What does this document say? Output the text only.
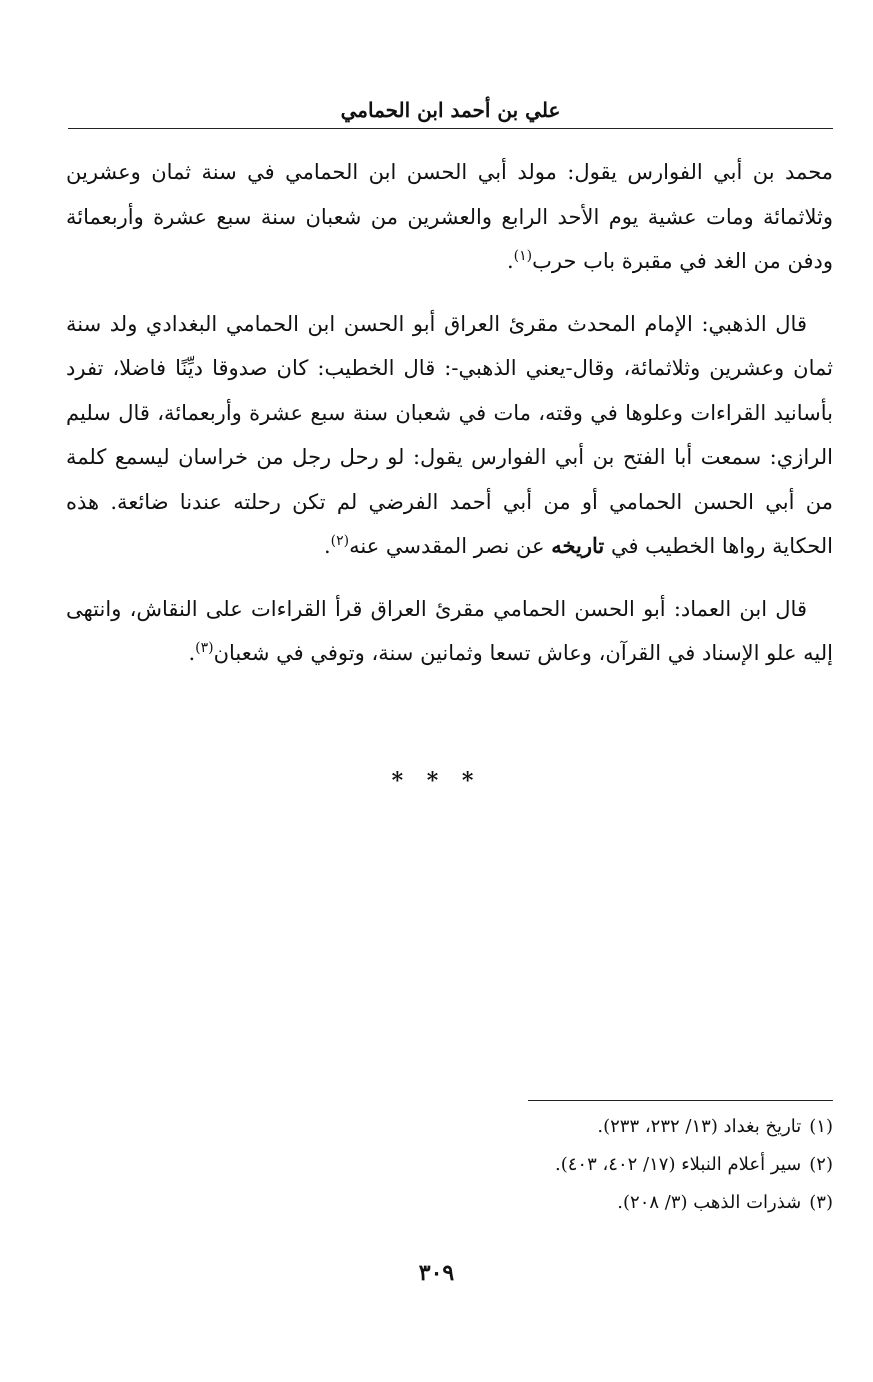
علي بن أحمد ابن الحمامي

محمد بن أبي الفوارس يقول: مولد أبي الحسن ابن الحمامي في سنة ثمان وعشرين وثلاثمائة ومات عشية يوم الأحد الرابع والعشرين من شعبان سنة سبع عشرة وأربعمائة ودفن من الغد في مقبرة باب حرب$^{(١)}$.

قال الذهبي: الإمام المحدث مقرئ العراق أبو الحسن ابن الحمامي البغدادي ولد سنة ثمان وعشرين وثلاثمائة، وقال-يعني الذهبي-: قال الخطيب: كان صدوقا ديِّنًا فاضلا، تفرد بأسانيد القراءات وعلوها في وقته، مات في شعبان سنة سبع عشرة وأربعمائة، قال سليم الرازي: سمعت أبا الفتح بن أبي الفوارس يقول: لو رحل رجل من خراسان ليسمع كلمة من أبي الحسن الحمامي أو من أبي أحمد الفرضي لم تكن رحلته عندنا ضائعة. هذه الحكاية رواها الخطيب في تاريخه عن نصر المقدسي عنه$^{(٢)}$.

قال ابن العماد: أبو الحسن الحمامي مقرئ العراق قرأ القراءات على النقاش، وانتهى إليه علو الإسناد في القرآن، وعاش تسعا وثمانين سنة، وتوفي في شعبان$^{(٣)}$.

* * *
(١)تاريخ بغداد (١٣/ ٢٣٢، ٢٣٣).
(٢)سير أعلام النبلاء (١٧/ ٤٠٢، ٤٠٣).
(٣)شذرات الذهب (٣/ ٢٠٨).
٣٠٩
